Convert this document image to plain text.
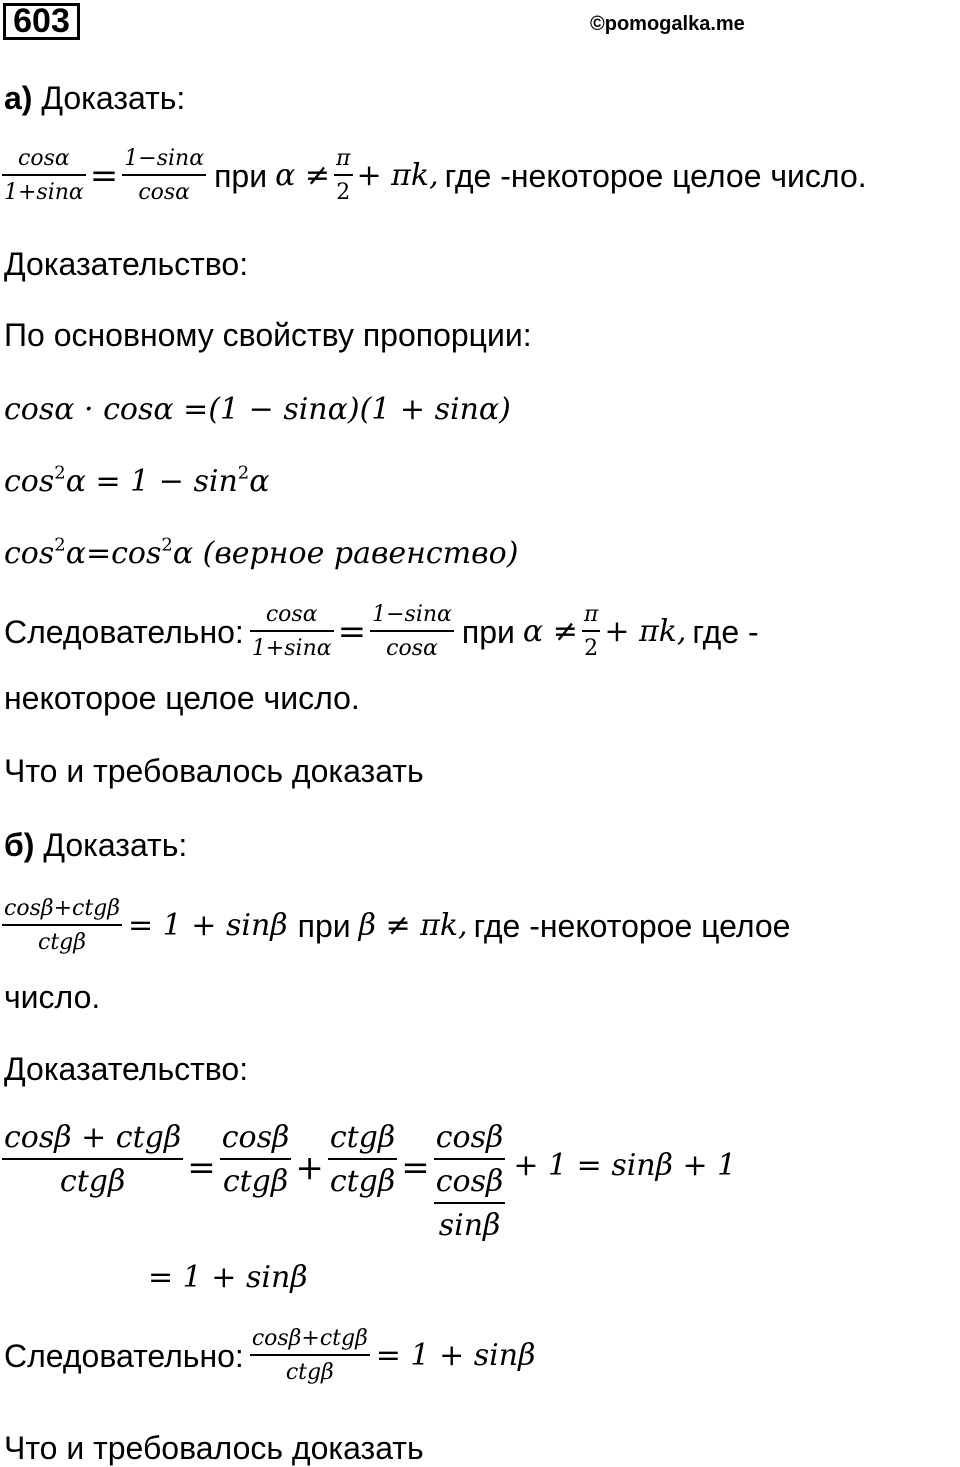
603	©pomogalka.me
а) Доказать:
$\frac{\cos\alpha}{1+\sin\alpha} = \frac{1-\sin\alpha}{\cos\alpha}$ при $\alpha \ne \frac{\pi}{2} + \pi k$, где -некоторое целое число.
Доказательство:
По основному свойству пропорции:
cosα · cosα =(1 − sinα)(1 + sinα)
$\cos^2\alpha = 1 - \sin^2\alpha$
$\cos^2\alpha=\cos^2\alpha$ (верное равенство)
Следовательно: $\frac{\cos\alpha}{1+\sin\alpha} = \frac{1-\sin\alpha}{\cos\alpha}$ при $\alpha \ne \frac{\pi}{2} + \pi k$, где -
некоторое целое число.
Что и требовалось доказать
б) Доказать:
$\frac{\text{cosβ+ctgβ}}{\text{ctgβ}} = 1 + \sin\beta$ при β ≠ πk, где -некоторое целое
число.
Доказательство:
$\frac{\text{cosβ + ctgβ}}{\text{ctgβ}} = \frac{\cos\beta}{\text{ctgβ}} + \frac{\text{ctgβ}}{\text{ctgβ}} = \frac{\cos\beta}{\frac{\cos\beta}{\sin\beta}} + 1 = \sin\beta + 1$
= 1 + sinβ
Следовательно: $\frac{\text{cosβ+ctgβ}}{\text{ctgβ}} = 1 + \sin\beta$
Что и требовалось доказать
